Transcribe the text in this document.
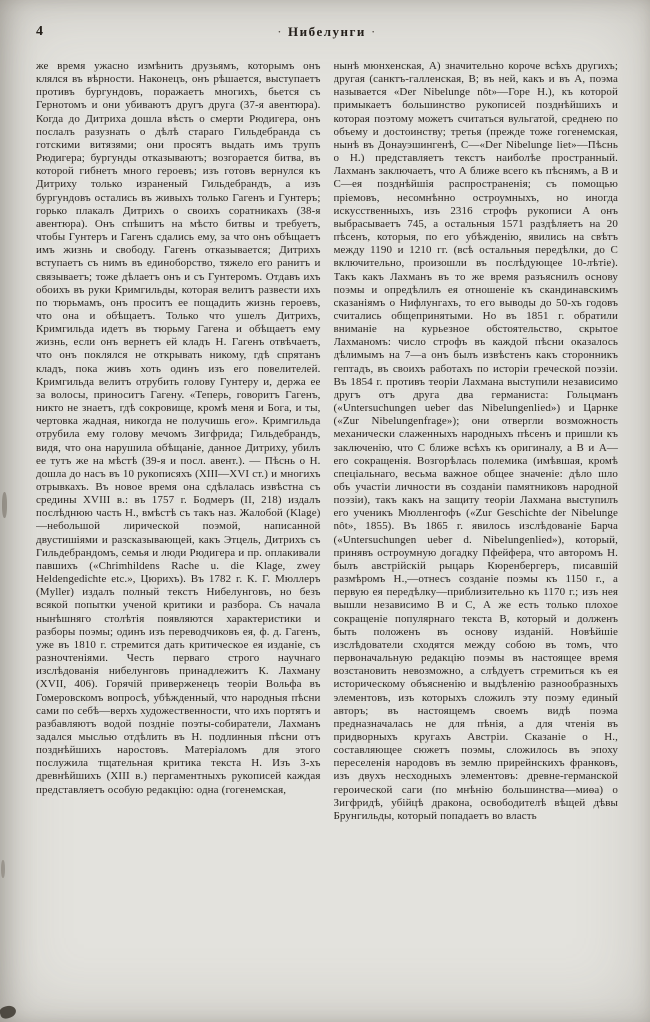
4	· Нибелунги ·
же время ужасно измѣнить друзьямъ, которымъ онъ клялся въ вѣрности. Наконецъ, онъ рѣшается, выступаетъ противъ бургундовъ, поражаетъ многихъ, бьется съ Гернотомъ и они убиваютъ другъ друга (37-я авентюра). Когда до Дитриха дошла вѣсть о смерти Рюдигера, онъ послалъ разузнать о дѣлѣ стараго Гильдебранда съ готскими витязями; они просятъ выдать имъ трупъ Рюдигера; бургунды отказываютъ; возгорается битва, въ которой гибнетъ много героевъ; изъ готовъ вернулся къ Дитриху только израненый Гильдебрандъ, а изъ бургундовъ остались въ живыхъ только Гагенъ и Гунтеръ; горько плакалъ Дитрихъ о своихъ соратникахъ (38-я авентюра). Онъ спѣшитъ на мѣсто битвы и требуетъ, чтобы Гунтеръ и Гагенъ сдались ему, за что онъ обѣщаетъ имъ жизнь и свободу. Гагенъ отказывается; Дитрихъ вступаетъ съ нимъ въ единоборство, тяжело его ранитъ и связываетъ; тоже дѣлаетъ онъ и съ Гунтеромъ. Отдавъ ихъ обоихъ въ руки Кримгильды, которая велитъ развести ихъ по тюрьмамъ, онъ проситъ ее пощадить жизнь героевъ, что она и обѣщаетъ. Только что ушелъ Дитрихъ, Кримгильда идетъ въ тюрьму Гагена и обѣщаетъ ему жизнь, если онъ вернетъ ей кладъ Н. Гагенъ отвѣчаетъ, что онъ поклялся не открывать никому, гдѣ спрятанъ кладъ, пока живъ хоть одинъ изъ его повелителей. Кримгильда велитъ отрубить голову Гунтеру и, держа ее за волосы, приноситъ Гагену. «Теперь, говоритъ Гагенъ, никто не знаетъ, гдѣ сокровище, кромѣ меня и Бога, и ты, чертовка жадная, никогда не получишь его». Кримгильда отрубила ему голову мечомъ Зигфрида; Гильдебрандъ, видя, что она нарушила обѣщаніе, данное Дитриху, убилъ ее тутъ же на мѣстѣ (39-я и посл. авент.). — Пѣснь о Н. дошла до насъ въ 10 рукописяхъ (XIII—XVI ст.) и многихъ отрывкахъ. Въ новое время она сдѣлалась извѣстна съ средины XVIII в.: въ 1757 г. Бодмеръ (II, 218) издалъ послѣднюю часть Н., вмѣстѣ съ такъ наз. Жалобой (Klage)—небольшой лирической поэмой, написанной двустишіями и разсказывающей, какъ Этцель, Дитрихъ съ Гильдебрандомъ, семья и люди Рюдигера и пр. оплакивали павшихъ («Chrimhildens Rache u. die Klage, zwey Heldengedichte etc.», Цюрихъ). Въ 1782 г. К. Г. Мюллеръ (Myller) издалъ полный текстъ Нибелунговъ, но безъ всякой попытки ученой критики и разбора. Съ начала нынѣшняго столѣтія появляются характеристики и разборы поэмы; одинъ изъ переводчиковъ ея, ф. д. Гагенъ, уже въ 1810 г. стремится дать критическое ея изданіе, съ разночтеніями. Честь перваго строго научнаго изслѣдованія нибелунговъ принадлежитъ К. Лахману (XVII, 406). Горячій приверженецъ теоріи Вольфа въ Гомеровскомъ вопросѣ, убѣжденный, что народныя пѣсни сами по себѣ—верхъ художественности, что ихъ портятъ и разбавляютъ водой поздніе поэты-собиратели, Лахманъ задался мыслью отдѣлить въ Н. подлинныя пѣсни отъ позднѣйшихъ наростовъ. Матеріаломъ для этого послужила тщательная критика текста Н. Изъ 3-хъ древнѣйшихъ (XIII в.) пергаментныхъ рукописей каждая представляетъ особую редакцію: одна (гогенемская,
нынѣ мюнхенская, А) значительно короче всѣхъ другихъ; другая (санктъ-галленская, В; въ ней, какъ и въ А, поэма называется «Der Nibelunge nôt»—Горе Н.), къ которой примыкаетъ большинство рукописей позднѣйшихъ и которая поэтому можетъ считаться вульгатой, среднею по объему и достоинству; третья (прежде тоже гогенемская, нынѣ въ Донауэшингенѣ, С—«Der Nibelunge liet»—Пѣснь о Н.) представляетъ текстъ наиболѣе пространный. Лахманъ заключаетъ, что А ближе всего къ пѣснямъ, а В и С—ея позднѣйшія распространенія; съ помощью пріемовъ, несомнѣнно остроумныхъ, но иногда искусственныхъ, изъ 2316 строфъ рукописи А онъ выбрасываетъ 745, а остальныя 1571 раздѣляетъ на 20 пѣсенъ, которыя, по его убѣжденію, явились на свѣтъ между 1190 и 1210 гг. (всѣ остальныя передѣлки, до С включительно, произошли въ послѣдующее 10-лѣтіе). Такъ какъ Лахманъ въ то же время разъяснилъ основу поэмы и опредѣлилъ ея отношеніе къ скандинавскимъ сказаніямъ о Нифлунгахъ, то его выводы до 50-хъ годовъ считались общепринятыми. Но въ 1851 г. обратили вниманіе на курьезное обстоятельство, скрытое Лахманомъ: число строфъ въ каждой пѣсни оказалось дѣлимымъ на 7—а онъ былъ извѣстенъ какъ сторонникъ гептадъ, въ своихъ работахъ по исторіи греческой поэзіи. Въ 1854 г. противъ теоріи Лахмана выступили независимо другъ отъ друга два германиста: Гольцманъ («Untersuchungen ueber das Nibelungenlied») и Царнке («Zur Nibelungenfrage»); они отвергли возможность механически слаженныхъ народныхъ пѣсенъ и пришли къ заключенію, что С ближе всѣхъ къ оригиналу, а В и А—его сокращенія. Возгорѣлась полемика (имѣвшая, кромѣ спеціальнаго, весьма важное общее значеніе: дѣло шло объ участіи личности въ созданіи памятниковъ народной поэзіи), такъ какъ на защиту теоріи Лахмана выступилъ его ученикъ Мюлленгофъ («Zur Geschichte der Nibelunge nôt», 1855). Въ 1865 г. явилось изслѣдованіе Барча («Untersuchungen ueber d. Nibelungenlied»), который, принявъ остроумную догадку Пфейфера, что авторомъ Н. былъ австрійскій рыцарь Кюренбергеръ, писавшій размѣромъ Н.,—отнесъ созданіе поэмы къ 1150 г., а первую ея передѣлку—приблизительно къ 1170 г.; изъ нея вышли независимо В и С, А же есть только плохое сокращеніе популярнаго текста В, который и долженъ быть положенъ въ основу изданій. Новѣйшіе изслѣдователи сходятся между собою въ томъ, что первоначальную редакцію поэмы въ настоящее время возстановить невозможно, а слѣдуетъ стремиться къ ея историческому объясненію и выдѣленію разнообразныхъ элементовъ, изъ которыхъ сложилъ эту поэму единый авторъ; въ настоящемъ своемъ видѣ поэма предназначалась не для пѣнія, а для чтенія въ придворныхъ кругахъ Австріи. Сказаніе о Н., составляющее сюжетъ поэмы, сложилось въ эпоху переселенія народовъ въ землю прирейнскихъ франковъ, изъ двухъ несходныхъ элементовъ: древне-германской героической саги (по мнѣнію большинства—миѳа) о Зигфридѣ, убійцѣ дракона, освободителѣ вѣщей дѣвы Брунгильды, который попадаетъ во власть
